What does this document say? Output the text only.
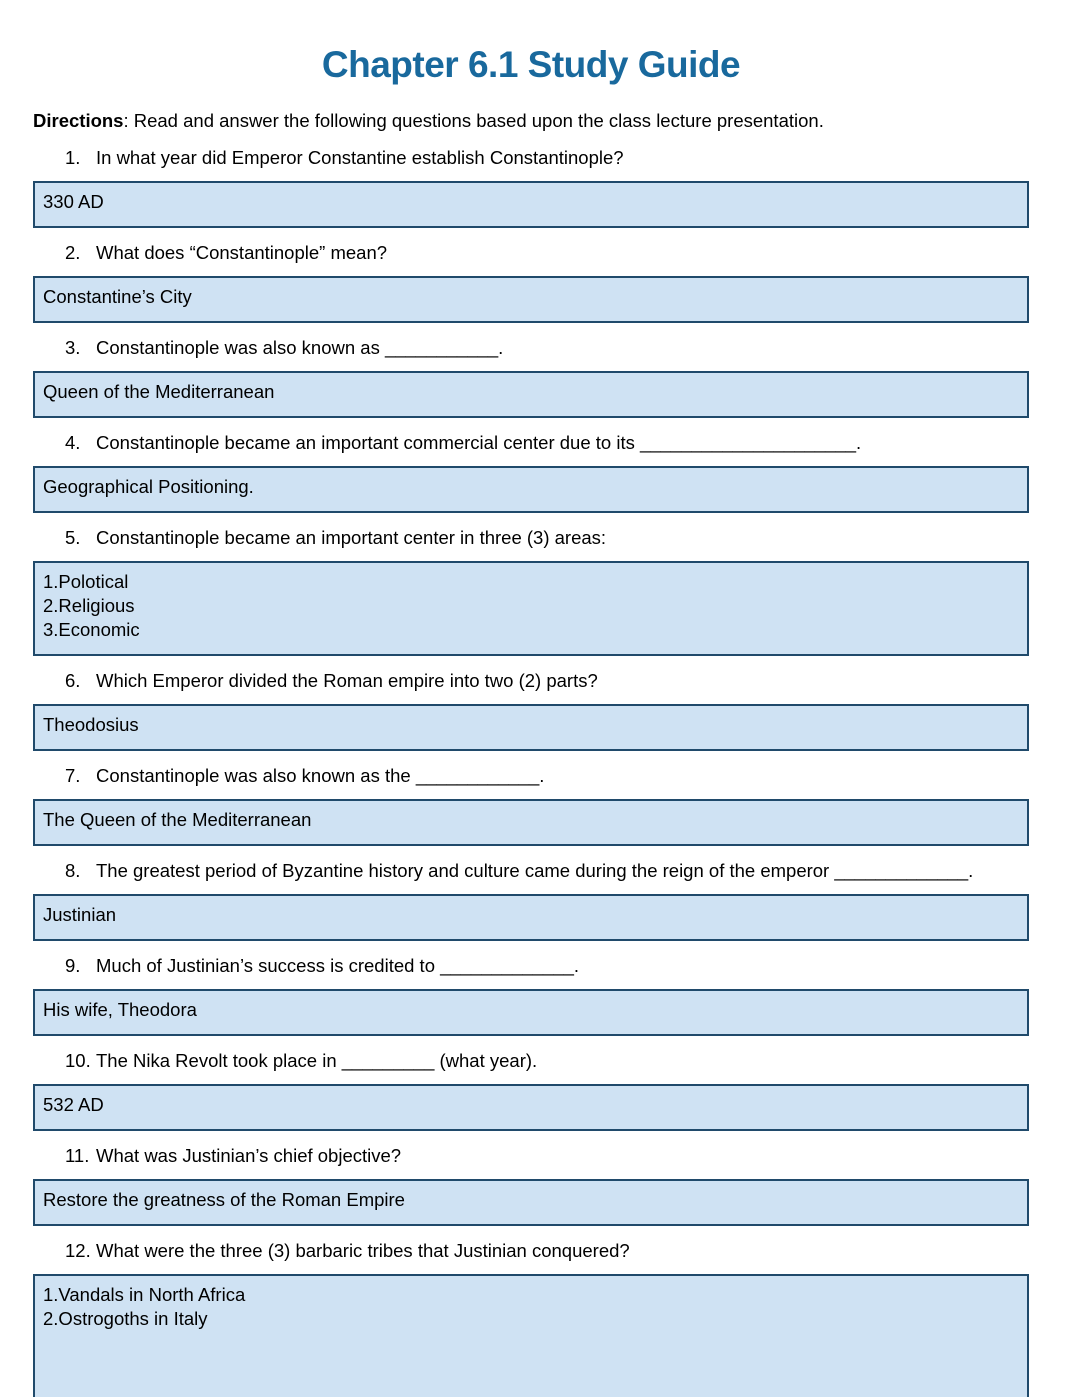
Chapter 6.1 Study Guide
Directions: Read and answer the following questions based upon the class lecture presentation.
1. In what year did Emperor Constantine establish Constantinople?
330 AD
2. What does “Constantinople” mean?
Constantine’s City
3. Constantinople was also known as ___________.
Queen of the Mediterranean
4. Constantinople became an important commercial center due to its _____________________.
Geographical Positioning.
5. Constantinople became an important center in three (3) areas:
1.Polotical
2.Religious
3.Economic
6. Which Emperor divided the Roman empire into two (2) parts?
Theodosius
7. Constantinople was also known as the ____________.
The Queen of the Mediterranean
8. The greatest period of Byzantine history and culture came during the reign of the emperor _____________.
Justinian
9. Much of Justinian’s success is credited to _____________.
His wife, Theodora
10. The Nika Revolt took place in _________ (what year).
532 AD
11. What was Justinian’s chief objective?
Restore the greatness of the Roman Empire
12. What were the three (3) barbaric tribes that Justinian conquered?
1.Vandals in North Africa
2.Ostrogoths in Italy
